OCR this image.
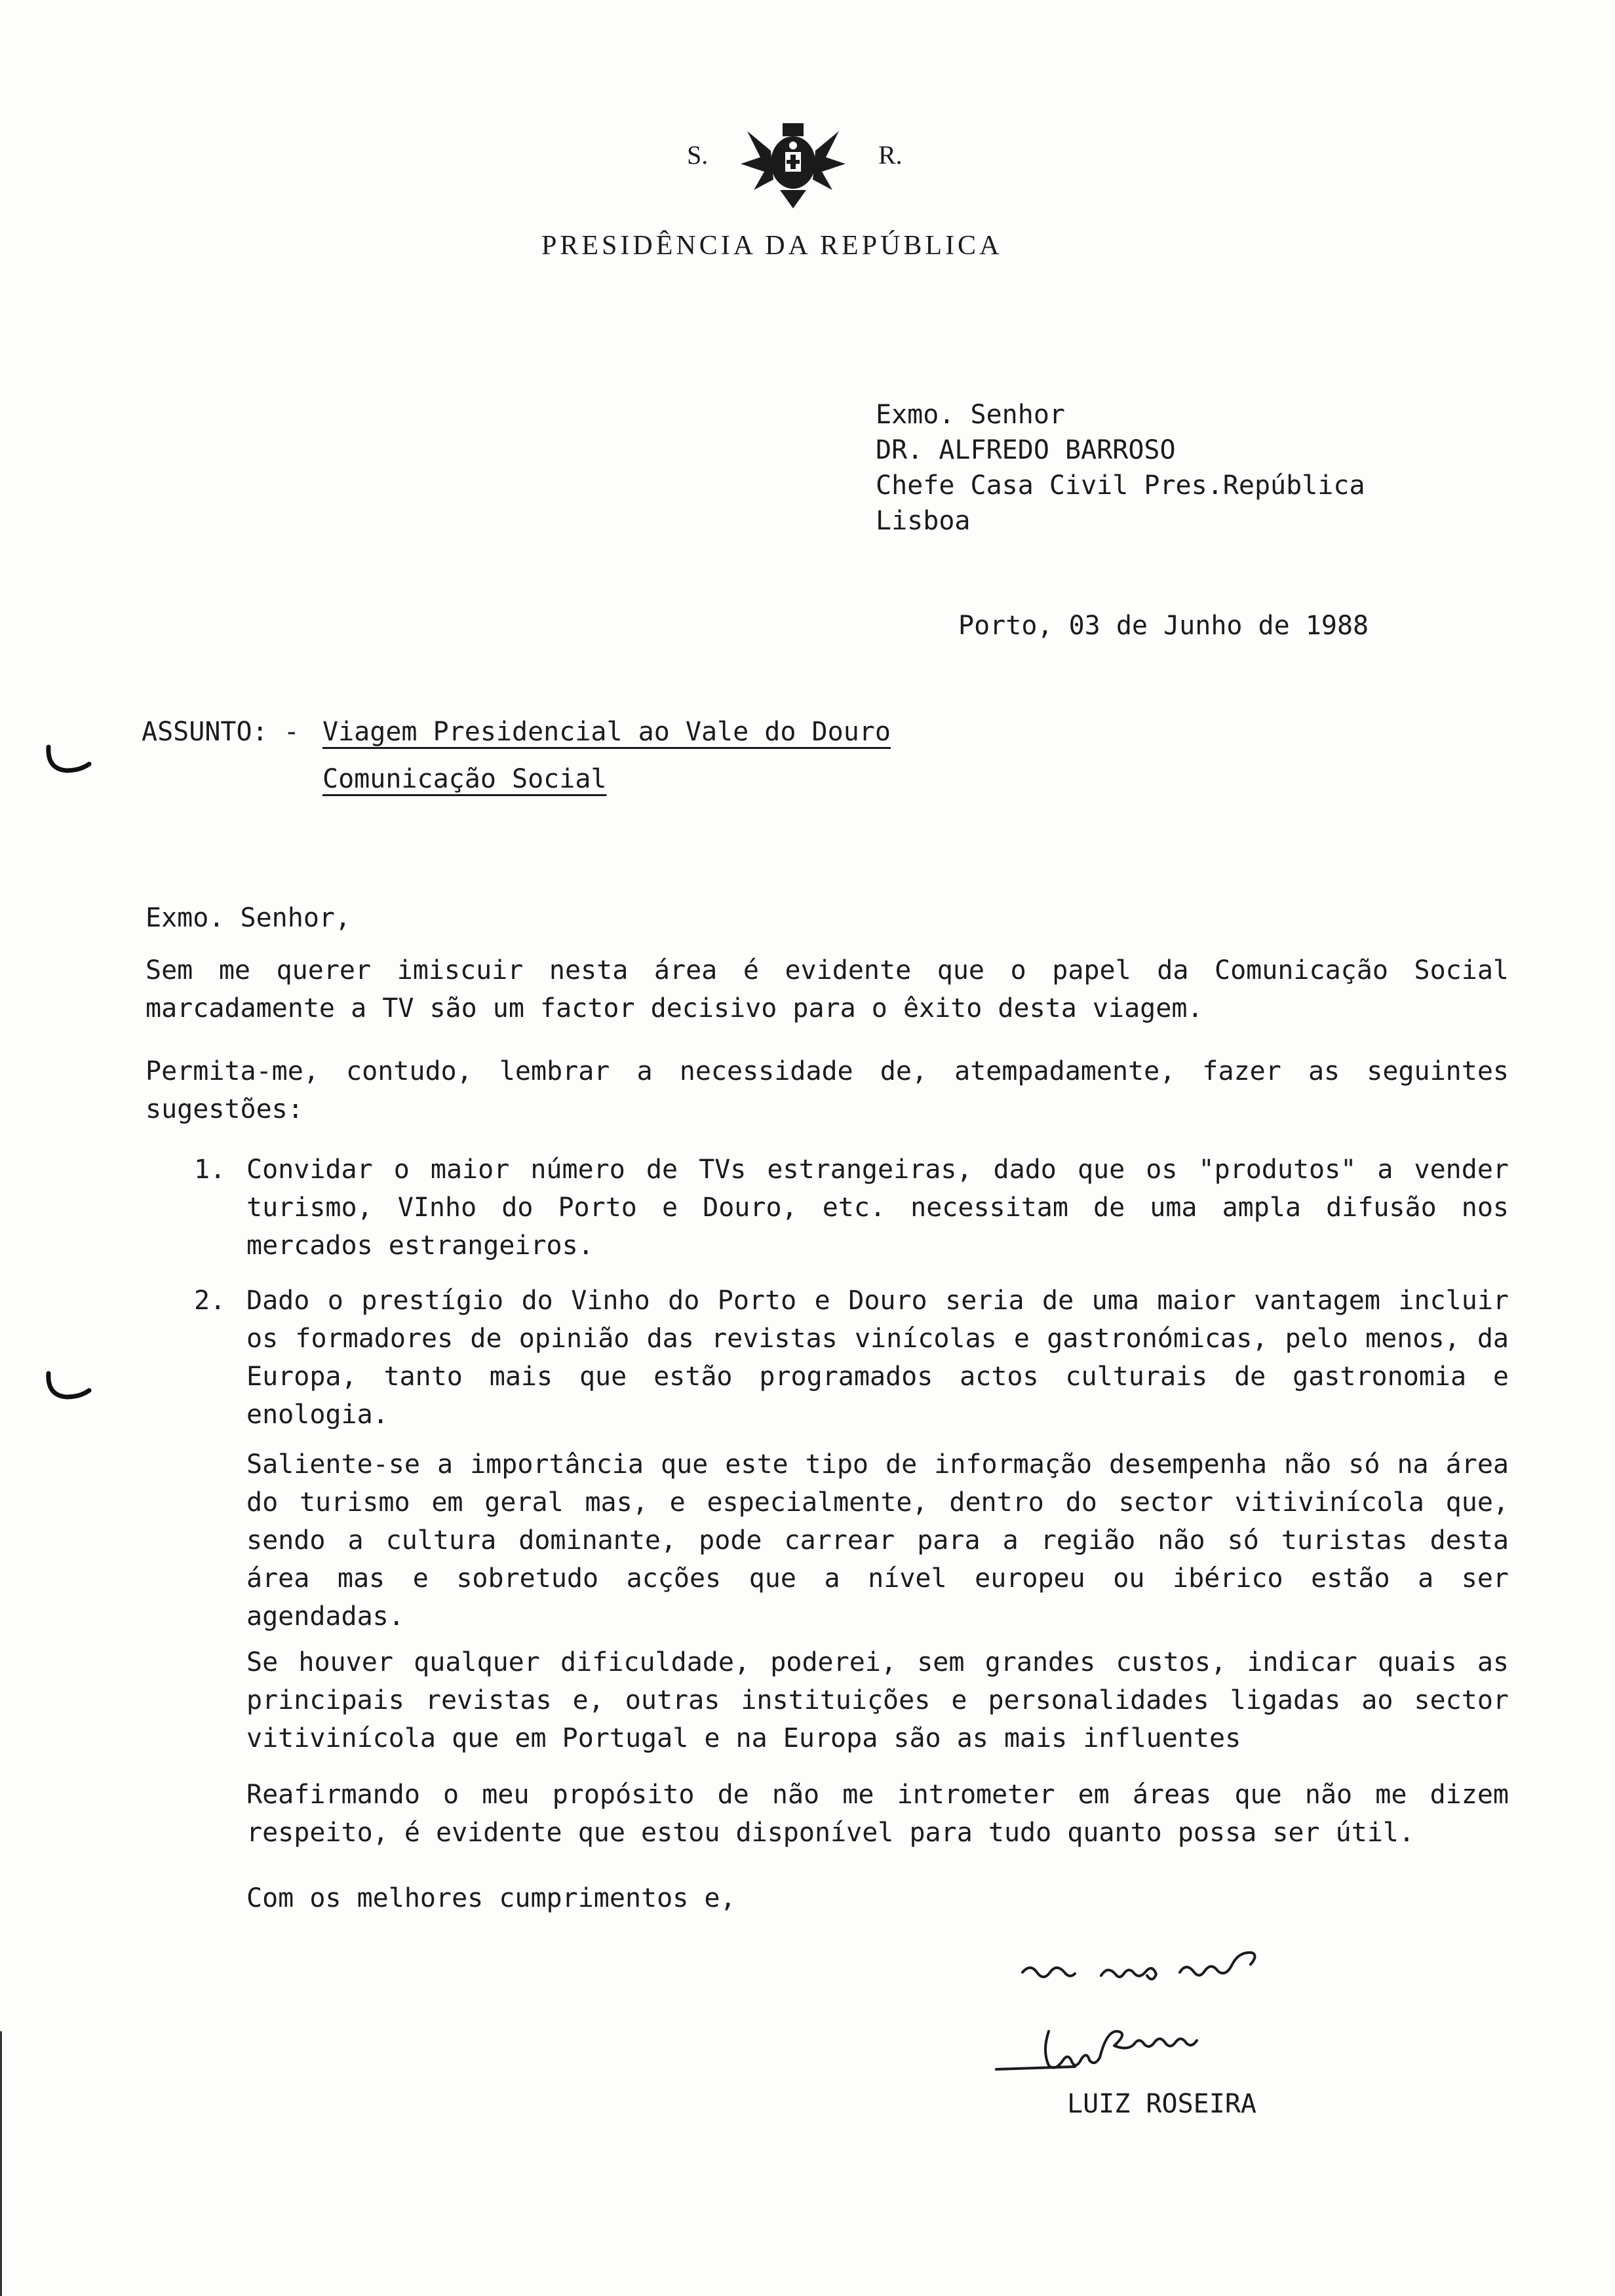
S.	R.
PRESIDÊNCIA DA REPÚBLICA
Exmo. Senhor
DR. ALFREDO BARROSO
Chefe Casa Civil Pres.República
Lisboa
Porto, 03 de Junho de 1988
ASSUNTO: - Viagem Presidencial ao Vale do Douro
Comunicação Social
Exmo. Senhor,
Sem me querer imiscuir nesta área é evidente que o papel da Comunicação Social marcadamente a TV são um factor decisivo para o êxito desta viagem.
Permita-me, contudo, lembrar a necessidade de, atempadamente, fazer as seguintes sugestões:
1. Convidar o maior número de TVs estrangeiras, dado que os "produtos" a vender turismo, VInho do Porto e Douro, etc. necessitam de uma ampla difusão nos mercados estrangeiros.
2. Dado o prestígio do Vinho do Porto e Douro seria de uma maior vantagem incluir os formadores de opinião das revistas vinícolas e gastronómicas, pelo menos, da Europa, tanto mais que estão programados actos culturais de gastronomia e enologia.
Saliente-se a importância que este tipo de informação desempenha não só na área do turismo em geral mas, e especialmente, dentro do sector vitivinícola que, sendo a cultura dominante, pode carrear para a região não só turistas desta área mas e sobretudo acções que a nível europeu ou ibérico estão a ser agendadas.
Se houver qualquer dificuldade, poderei, sem grandes custos, indicar quais as principais revistas e, outras instituições e personalidades ligadas ao sector vitivinícola que em Portugal e na Europa são as mais influentes
Reafirmando o meu propósito de não me intrometer em áreas que não me dizem respeito, é evidente que estou disponível para tudo quanto possa ser útil.
Com os melhores cumprimentos e,
LUIZ ROSEIRA
